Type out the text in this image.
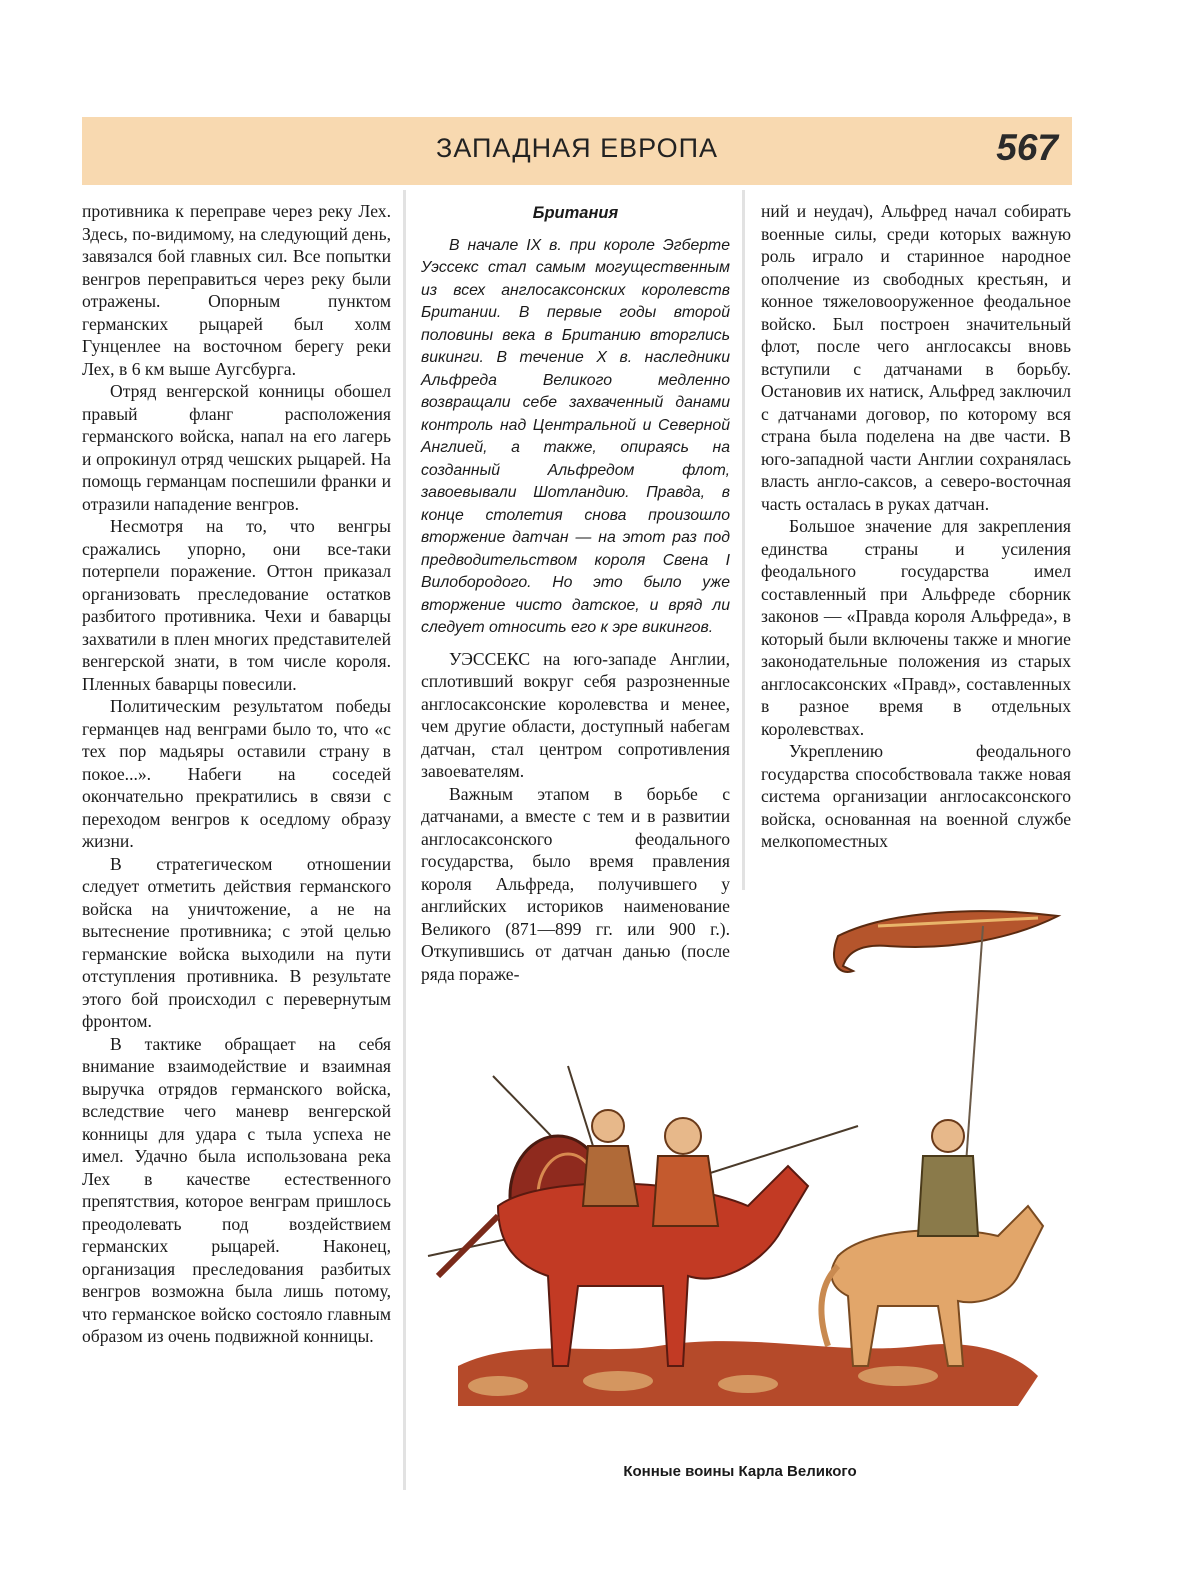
ЗАПАДНАЯ ЕВРОПА	567

противника к переправе через реку Лех. Здесь, по-видимому, на следующий день, завязался бой главных сил. Все попытки венгров переправиться через реку были отражены. Опорным пунктом германских рыцарей был холм Гунценлее на восточном берегу реки Лех, в 6 км выше Аугсбурга.

Отряд венгерской конницы обошел правый фланг расположения германского войска, напал на его лагерь и опрокинул отряд чешских рыцарей. На помощь германцам поспешили франки и отразили нападение венгров.

Несмотря на то, что венгры сражались упорно, они все-таки потерпели поражение. Оттон приказал организовать преследование остатков разбитого противника. Чехи и баварцы захватили в плен многих представителей венгерской знати, в том числе короля. Пленных баварцы повесили.

Политическим результатом победы германцев над венграми было то, что «с тех пор мадьяры оставили страну в покое...». Набеги на соседей окончательно прекратились в связи с переходом венгров к оседлому образу жизни.

В стратегическом отношении следует отметить действия германского войска на уничтожение, а не на вытеснение противника; с этой целью германские войска выходили на пути отступления противника. В результате этого бой происходил с перевернутым фронтом.

В тактике обращает на себя внимание взаимодействие и взаимная выручка отрядов германского войска, вследствие чего маневр венгерской конницы для удара с тыла успеха не имел. Удачно была использована река Лех в качестве естественного препятствия, которое венграм пришлось преодолевать под воздействием германских рыцарей. Наконец, организация преследования разбитых венгров возможна была лишь потому, что германское войско состояло главным образом из очень подвижной конницы.

Британия

В начале IX в. при короле Эгберте Уэссекс стал самым могущественным из всех англосаксонских королевств Британии. В первые годы второй половины века в Британию вторглись викинги. В течение X в. наследники Альфреда Великого медленно возвращали себе захваченный данами контроль над Центральной и Северной Англией, а также, опираясь на созданный Альфредом флот, завоевывали Шотландию. Правда, в конце столетия снова произошло вторжение датчан — на этот раз под предводительством короля Свена I Вилобородого. Но это было уже вторжение чисто датское, и вряд ли следует относить его к эре викингов.

УЭССЕКС на юго-западе Англии, сплотивший вокруг себя разрозненные англосаксонские королевства и менее, чем другие области, доступный набегам датчан, стал центром сопротивления завоевателям.

Важным этапом в борьбе с датчанами, а вместе с тем и в развитии англосаксонского феодального государства, было время правления короля Альфреда, получившего у английских историков наименование Великого (871—899 гг. или 900 г.). Откупившись от датчан данью (после ряда пораже-

ний и неудач), Альфред начал собирать военные силы, среди которых важную роль играло и старинное народное ополчение из свободных крестьян, и конное тяжеловооруженное феодальное войско. Был построен значительный флот, после чего англосаксы вновь вступили с датчанами в борьбу. Остановив их натиск, Альфред заключил с датчанами договор, по которому вся страна была поделена на две части. В юго-западной части Англии сохранялась власть англо-саксов, а северо-восточная часть осталась в руках датчан.

Большое значение для закрепления единства страны и усиления феодального государства имел составленный при Альфреде сборник законов — «Правда короля Альфреда», в который были включены также и многие законодательные положения из старых англосаксонских «Правд», составленных в разное время в отдельных королевствах.

Укреплению феодального государства способствовала также новая система организации англосаксонского войска, основанная на военной службе мелкопоместных

Конные воины Карла Великого
